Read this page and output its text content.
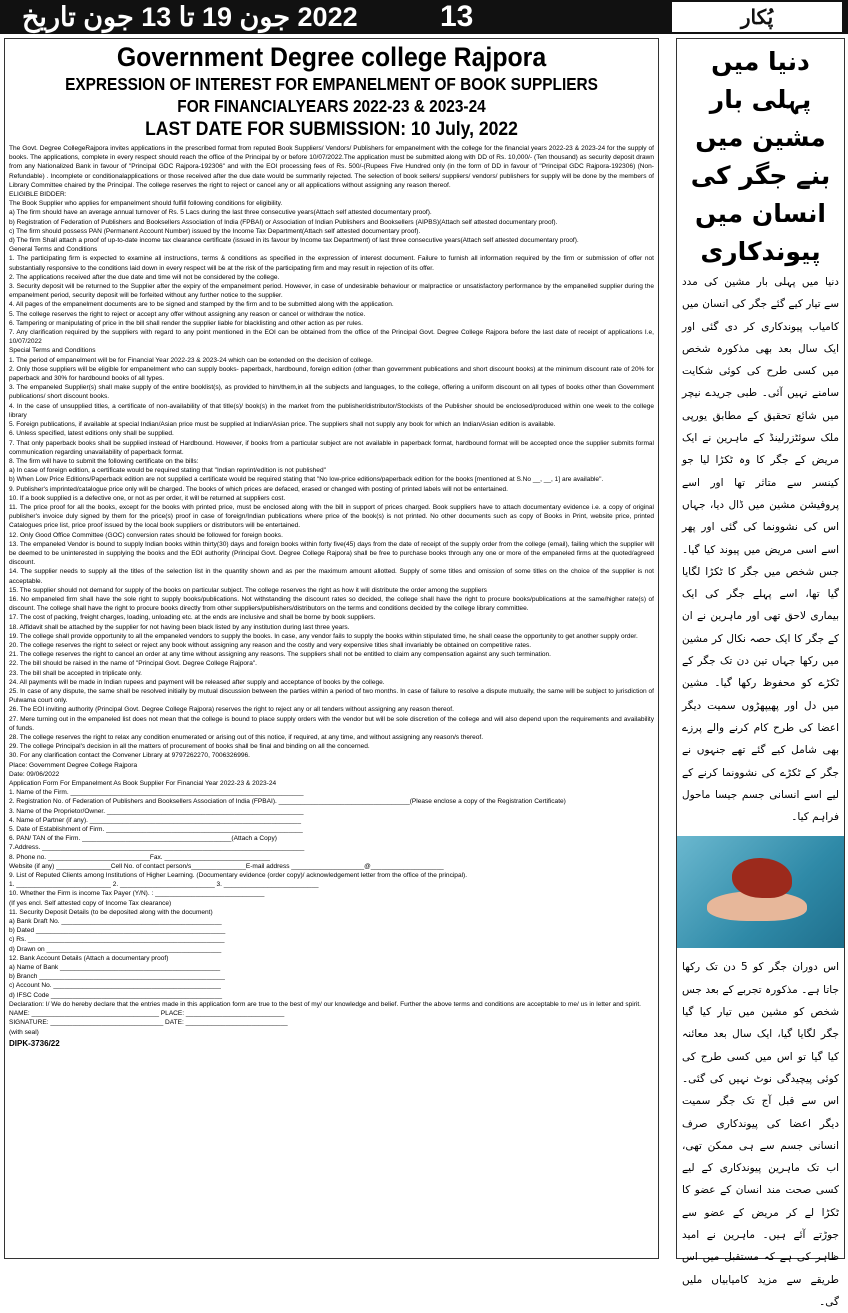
2022 جون 19 تا 13 جون تاریخ	13	پُکار
Government Degree college Rajpora
EXPRESSION OF INTEREST FOR EMPANELMENT OF BOOK SUPPLIERS FOR FINANCIALYEARS 2022-23 & 2023-24
LAST DATE FOR SUBMISSION: 10 July, 2022

The Govt. Degree CollegeRajpora invites applications in the prescribed format from reputed Book Suppliers/ Vendors/ Publishers for empanelment with the college for the financial years 2022-23 & 2023-24 for the supply of books. The applications, complete in every respect should reach the office of the Principal by or before 10/07/2022.The application must be submitted along with DD of Rs. 10,000/- (Ten thousand) as security deposit drawn from any Nationalized Bank in favour of "Principal GDC Rajpora-192306" and with the EOI processing fees of Rs. 500/-(Rupees Five Hundred only (in the form of DD in favour of "Principal GDC Rajpora-192306) (Non-Refundable) . Incomplete or conditionalapplications or those received after the due date would be summarily rejected. The selection of book sellers/ suppliers/ vendors/ publishers for supply will be done by the members of Library Committee chaired by the Principal. The college reserves the right to reject or cancel any or all applications without assigning any reason thereof.

ELIGIBLE BIDDER:

The Book Supplier who applies for empanelment should fulfill following conditions for eligibility.

a) The firm should have an average annual turnover of Rs. 5 Lacs during the last three consecutive years(Attach self attested documentary proof).

b) Registration of Federation of Publishers and Booksellers Association of India (FPBAI) or Association of Indian Publishers and Booksellers (AIPBS)(Attach self attested documentary proof).

c) The firm should possess PAN (Permanent Account Number) issued by the Income Tax Department(Attach self attested documentary proof).

d) The firm Shall attach a proof of up-to-date income tax clearance certificate (issued in its favour by Income tax Department) of last three consecutive years(Attach self attested documentary proof).

General Terms and Conditions

1. The participating firm is expected to examine all instructions, terms & conditions as specified in the expression of interest document. Failure to furnish all information required by the firm or submission of offer not substantially responsive to the conditions laid down in every respect will be at the risk of the participating firm and may result in rejection of its offer.

2. The applications received after the due date and time will not be considered by the college.

3. Security deposit will be returned to the Supplier after the expiry of the empanelment period. However, in case of undesirable behaviour or malpractice or unsatisfactory performance by the empanelled supplier during the empanelment period, security deposit will be forfeited without any further notice to the supplier.

4. All pages of the empanelment documents are to be signed and stamped by the firm and to be submitted along with the application.

5. The college reserves the right to reject or accept any offer without assigning any reason or cancel or withdraw the notice.

6. Tampering or manipulating of price in the bill shall render the supplier liable for blacklisting and other action as per rules.

7. Any clarification required by the suppliers with regard to any point mentioned in the EOI can be obtained from the office of the Principal Govt. Degree College Rajpora before the last date of receipt of applications I.e, 10/07/2022

Special Terms and Conditions

1. The period of empanelment will be for Financial Year 2022-23 & 2023-24 which can be extended on the decision of college.

2. Only those suppliers will be eligible for empanelment who can supply books- paperback, hardbound, foreign edition (other than government publications and short discount books) at the minimum discount rate of 20% for paperback and 30% for hardbound books of all types.

3. The empaneled Supplier(s) shall make supply of the entire booklist(s), as provided to him/them,in all the subjects and languages, to the college, offering a uniform discount on all types of books other than Government publications/ short discount books.

4. In the case of unsupplied titles, a certificate of non-availability of that title(s)/ book(s) in the market from the publisher/distributor/Stockists of the Publisher should be enclosed/produced within one week to the college library

5. Foreign publications, if available at special Indian/Asian price must be supplied at Indian/Asian price. The suppliers shall not supply any book for which an Indian/Asian edition is available.

6. Unless specified, latest editions only shall be supplied.

7. That only paperback books shall be supplied instead of Hardbound. However, if books from a particular subject are not available in paperback format, hardbound format will be accepted once the supplier submits formal communication regarding unavailability of paperback format.

8. The firm will have to submit the following certificate on the bills:

a) In case of foreign edition, a certificate would be required stating that "Indian reprint/edition is not published"

b) When Low Price Editions/Paperback edition are not supplied a certificate would be required stating that "No low-price editions/paperback edition for the books [mentioned at S.No __, __, 1] are available".

9. Publisher's imprinted/catalogue price only will be charged. The books of which prices are defaced, erased or changed with posting of printed labels will not be entertained.

10. If a book supplied is a defective one, or not as per order, it will be returned at suppliers cost.

11. The price proof for all the books, except for the books with printed price, must be enclosed along with the bill in support of prices charged. Book suppliers have to attach documentary evidence i.e. a copy of original publisher's invoice duly signed by them for the price(s) proof in case of foreign/Indian publications where price of the book(s) is not printed. No other documents such as copy of Books in Print, website price, printed Catalogues price list, price proof issued by the local book suppliers or distributors will be entertained.

12. Only Good Office Committee (GOC) conversion rates should be followed for foreign books.

13. The empaneled Vendor is bound to supply Indian books within thirty(30) days and foreign books within forty five(45) days from the date of receipt of the supply order from the college (email), failing which the supplier will be deemed to be uninterested in supplying the books and the EOI authority (Principal Govt. Degree College Rajpora) shall be free to purchase books through any one or more of the empaneled firms at the quoted/agreed discount.

14. The supplier needs to supply all the titles of the selection list in the quantity shown and as per the maximum amount allotted. Supply of some titles and omission of some titles on the choice of the supplier is not acceptable.

15. The supplier should not demand for supply of the books on particular subject. The college reserves the right as how it will distribute the order among the suppliers

16. No empaneled firm shall have the sole right to supply books/publications. Not withstanding the discount rates so decided, the college shall have the right to procure books/publications at the same/higher rate(s) of discount. The college shall have the right to procure books directly from other suppliers/publishers/distributors on the terms and conditions decided by the college library committee.

17. The cost of packing, freight charges, loading, unloading etc. at the ends are inclusive and shall be borne by book suppliers.

18. Affidavit shall be attached by the supplier for not having been black listed by any institution during last three years.

19. The college shall provide opportunity to all the empaneled vendors to supply the books. In case, any vendor fails to supply the books within stipulated time, he shall cease the opportunity to get another supply order.

20. The college reserves the right to select or reject any book without assigning any reason and the costly and very expensive titles shall invariably be obtained on competitive rates.

21. The college reserves the right to cancel an order at any time without assigning any reasons. The suppliers shall not be entitled to claim any compensation against any such termination.

22. The bill should be raised in the name of "Principal Govt. Degree College Rajpora".

23. The bill shall be accepted in triplicate only.

24. All payments will be made in Indian rupees and payment will be released after supply and acceptance of books by the college.

25. In case of any dispute, the same shall be resolved initially by mutual discussion between the parties within a period of two months. In case of failure to resolve a dispute mutually, the same will be subject to jurisdiction of Pulwama court only.

26. The EOI inviting authority (Principal Govt. Degree College Rajpora) reserves the right to reject any or all tenders without assigning any reason thereof.

27. Mere turning out in the empaneled list does not mean that the college is bound to place supply orders with the vendor but will be sole discretion of the college and will also depend upon the requirements and availability of funds.

28. The college reserves the right to relax any condition enumerated or arising out of this notice, if required, at any time, and without assigning any reason/s thereof.

29. The college Principal's decision in all the matters of procurement of books shall be final and binding on all the concerned.

30. For any clarification contact the Convener Library at 9797262270, 7006326996.

Place: Government Degree College Rajpora

Date: 09/06/2022

Application Form For Empanelment As Book Supplier For Financial Year 2022-23 & 2023-24

1. Name of the Firm. ________________________________________________________________

2. Registration No. of Federation of Publishers and Booksellers Association of India (FPBAI). ____________________________________(Please enclose a copy of the Registration Certificate)

3. Name of the Proprietor/Owner. ______________________________________________________

4. Name of Partner (if any). __________________________________________________________

5. Date of Establishment of Firm. ______________________________________________________

6. PAN/ TAN of the Firm. _________________________________________(Attach a Copy)

7.Address. ________________________________________________________________________

8. Phone no. ____________________________Fax. _____________________________

Website (if any) _______________Cell No. of contact person/s_______________E-mail address ____________________@____________________

9. List of Reputed Clients among Institutions of Higher Learning. (Documentary evidence (order copy)/ acknowledgement letter from the office of the principal).

1. __________________________ 2. __________________________ 3. __________________________

10. Whether the Firm is income Tax Payer (Y/N). : ______________________________

(If yes encl. Self attested copy of Income Tax clearance)

11. Security Deposit Details (to be deposited along with the document)

a) Bank Draft No. ____________________________________________

b) Dated ____________________________________________________

c) Rs. ______________________________________________________

d) Drawn on ________________________________________________

12. Bank Account Details (Attach a documentary proof)

a) Name of Bank ____________________________________________

b) Branch ___________________________________________________

c) Account No. ______________________________________________

d) IFSC Code _______________________________________________

Declaration: I/ We do hereby declare that the entries made in this application form are true to the best of my/ our knowledge and belief. Further the above terms and conditions are acceptable to me/ us in letter and spirit.

NAME: ___________________________________ PLACE: ___________________________

SIGNATURE: _______________________________ DATE: ____________________________

(with seal)

DIPK-3736/22
دنیا میں پہلی بار مشین میں بنے جگر کی انسان میں پیوندکاری
دنیا میں پہلی بار مشین کی مدد سے تیار کیے گئے جگر کی انسان میں کامیاب پیوندکاری کر دی گئی اور ایک سال بعد بھی مذکورہ شخص میں کسی طرح کی کوئی شکایت سامنے نہیں آئی۔ طبی جریدے نیچر میں شائع تحقیق کے مطابق یورپی ملک سوئٹزرلینڈ کے ماہرین نے ایک مریض کے جگر کا وہ ٹکڑا لیا جو کینسر سے متاثر تھا اور اسے پروفیشن مشین میں ڈال دیا، جہاں اس کی نشوونما کی گئی اور پھر اسے اسی مریض میں پیوند کیا گیا۔ جس شخص میں جگر کا ٹکڑا لگایا گیا تھا، اسے پہلے جگر کی ایک بیماری لاحق تھی اور ماہرین نے ان کے جگر کا ایک حصہ نکال کر مشین میں رکھا جہاں تین دن تک جگر کے ٹکڑے کو محفوظ رکھا گیا۔ مشین میں دل اور پھیپھڑوں سمیت دیگر اعضا کی طرح کام کرنے والے پرزے بھی شامل کیے گئے تھے جنہوں نے جگر کے ٹکڑے کی نشوونما کرنے کے لیے اسے انسانی جسم جیسا ماحول فراہم کیا۔
اس دوران جگر کو 5 دن تک رکھا جاتا ہے۔ مذکورہ تجربے کے بعد جس شخص کو مشین میں تیار کیا گیا جگر لگایا گیا، ایک سال بعد معائنہ کیا گیا تو اس میں کسی طرح کی کوئی پیچیدگی نوٹ نہیں کی گئی۔ اس سے قبل آج تک جگر سمیت دیگر اعضا کی پیوندکاری صرف انسانی جسم سے ہی ممکن تھی، اب تک ماہرین پیوندکاری کے لیے کسی صحت مند انسان کے عضو کا ٹکڑا لے کر مریض کے عضو سے جوڑتے آئے ہیں۔ ماہرین نے امید ظاہر کی ہے کہ مستقبل میں اس طریقے سے مزید کامیابیاں ملیں گی۔
